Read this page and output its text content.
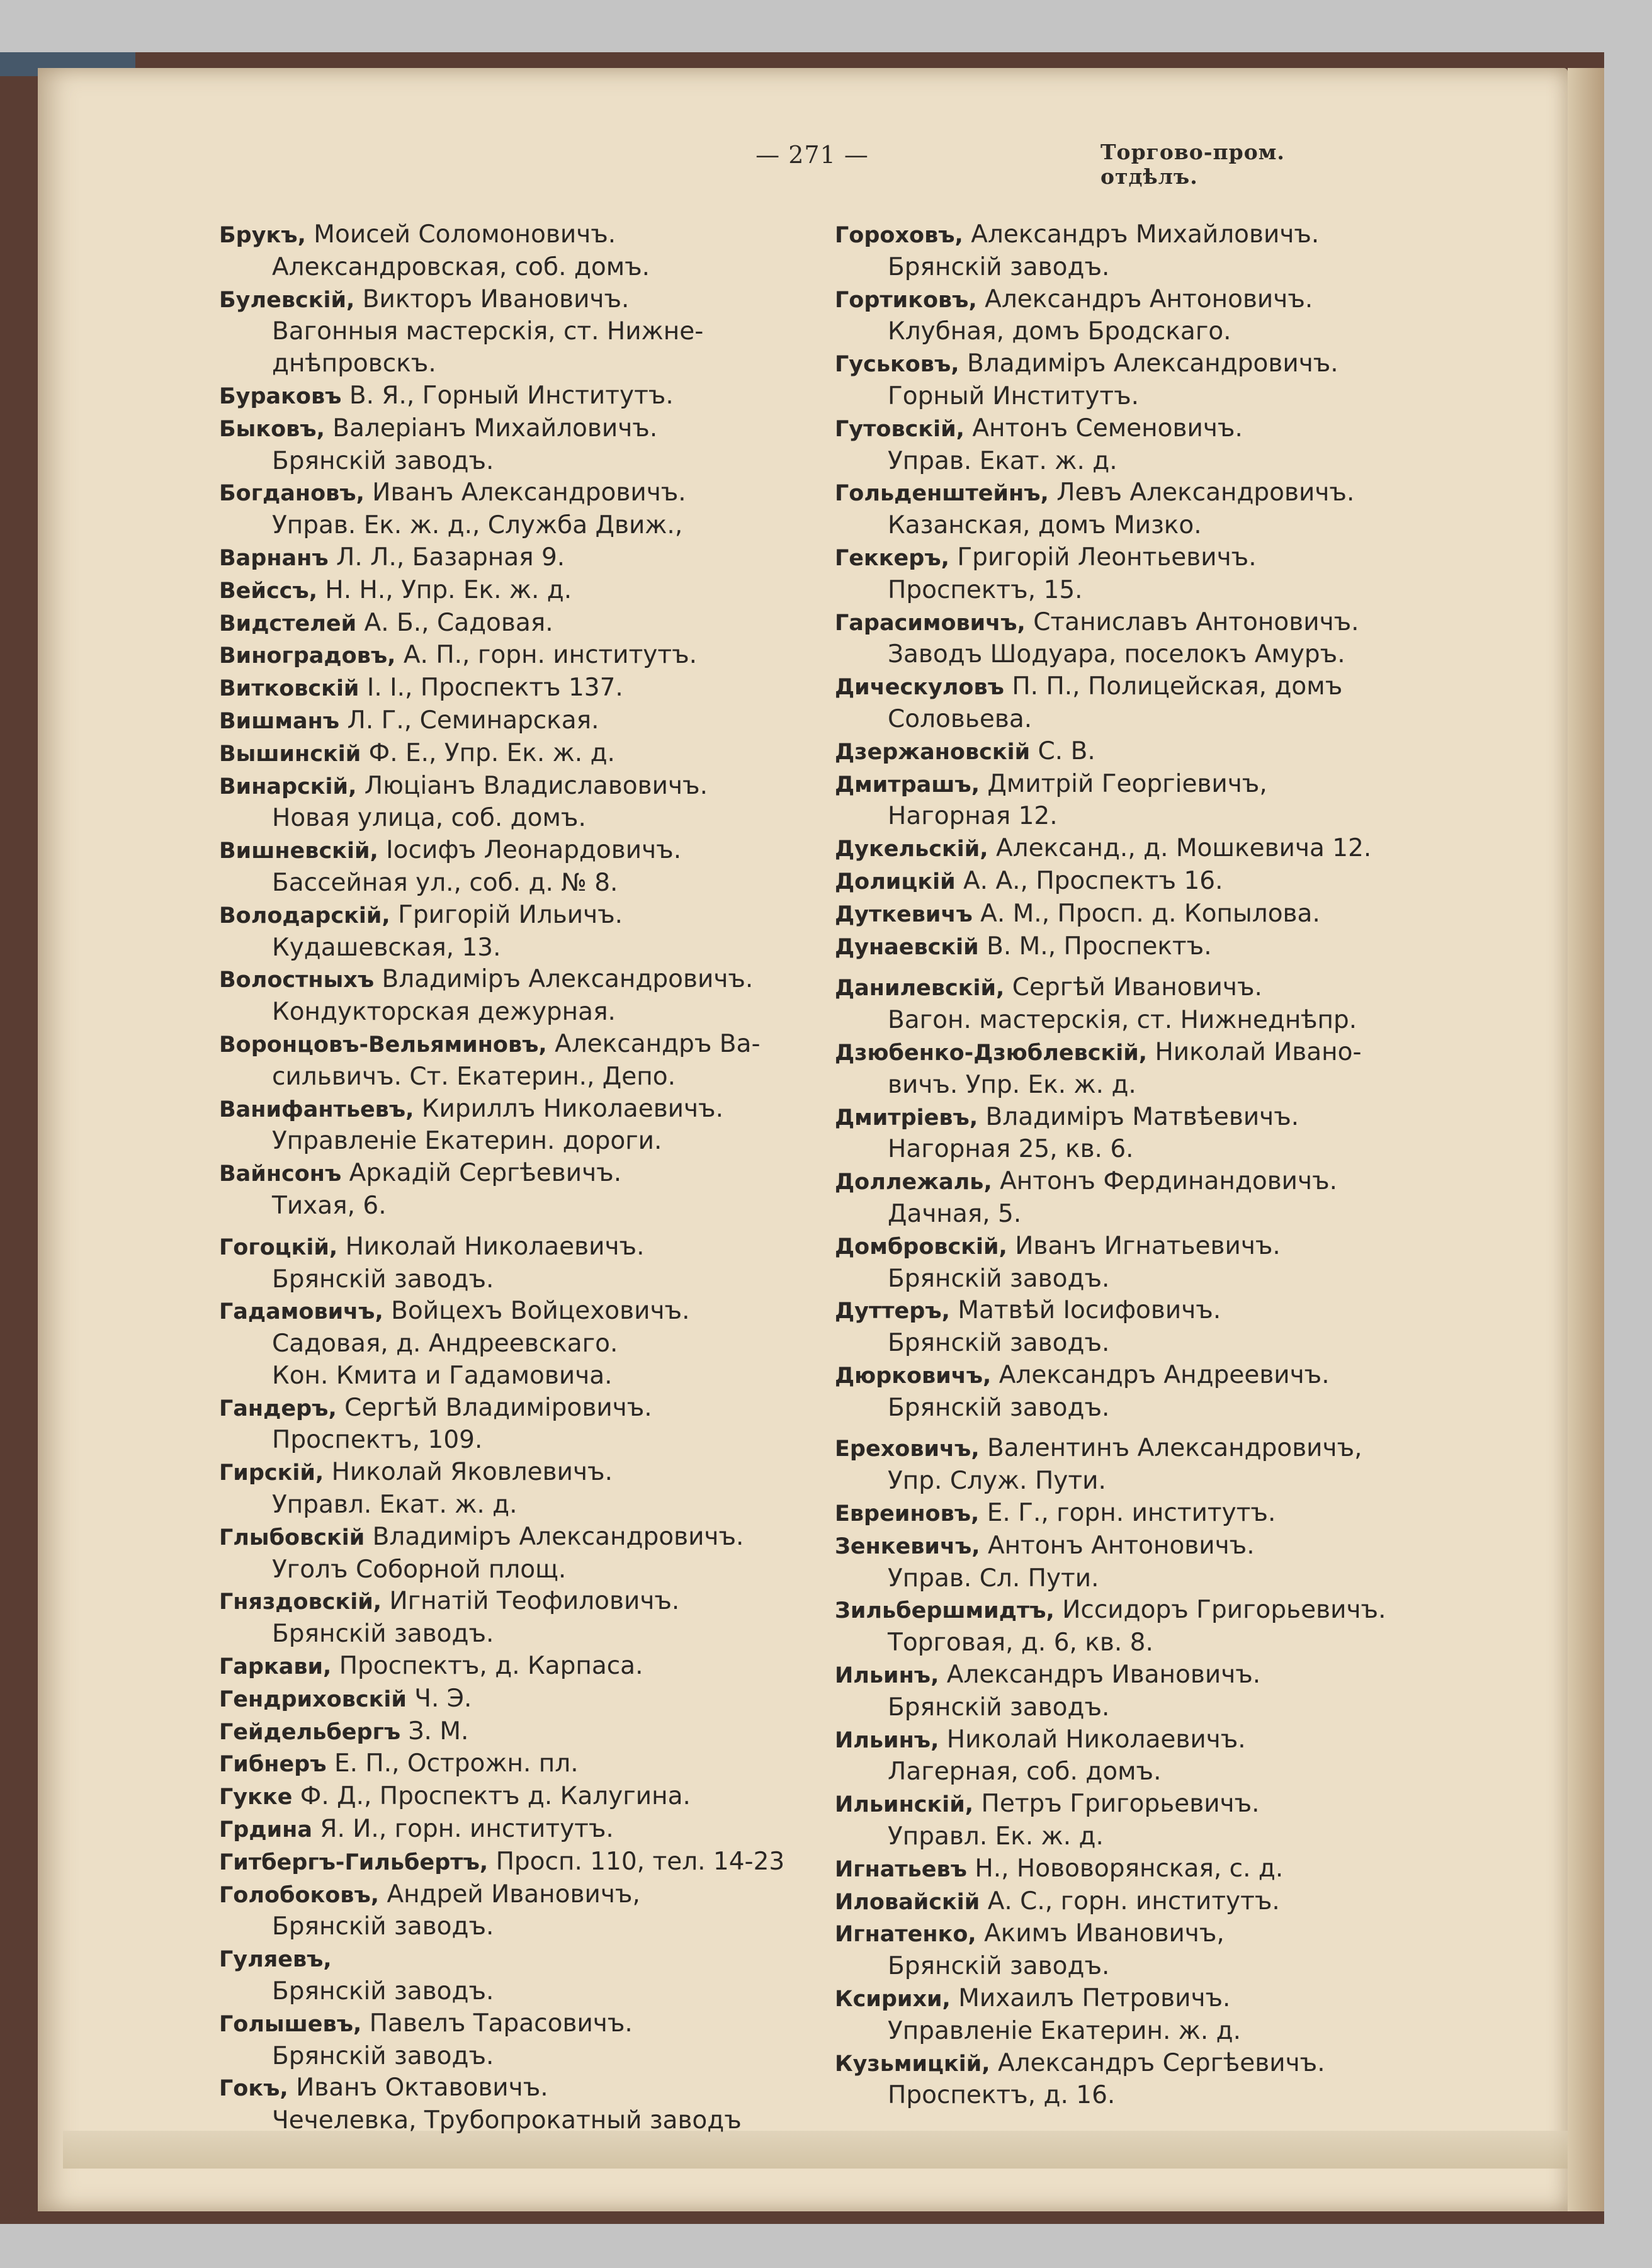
— 271 —	Торгово-пром. отдѣлъ.
Брукъ, Моисей Соломоновичъ.
Александровская, соб. домъ.
Булевскій, Викторъ Ивановичъ.
Вагонныя мастерскія, ст. Нижне-
днѣпровскъ.
Бураковъ В. Я., Горный Институтъ.
Быковъ, Валеріанъ Михайловичъ.
Брянскій заводъ.
Богдановъ, Иванъ Александровичъ.
Управ. Ек. ж. д., Служба Движ.,
Варнанъ Л. Л., Базарная 9.
Вейссъ, Н. Н., Упр. Ек. ж. д.
Видстелей А. Б., Садовая.
Виноградовъ, А. П., горн. институтъ.
Витковскій І. І., Проспектъ 137.
Вишманъ Л. Г., Семинарская.
Вышинскій Ф. Е., Упр. Ек. ж. д.
Винарскій, Люціанъ Владиславовичъ.
Новая улица, соб. домъ.
Вишневскій, Іосифъ Леонардовичъ.
Бассейная ул., соб. д. № 8.
Володарскій, Григорій Ильичъ.
Кудашевская, 13.
Волостныхъ Владиміръ Александровичъ.
Кондукторская дежурная.
Воронцовъ-Вельяминовъ, Александръ Ва-
сильвичъ. Ст. Екатерин., Депо.
Ванифантьевъ, Кириллъ Николаевичъ.
Управленіе Екатерин. дороги.
Вайнсонъ Аркадій Сергѣевичъ.
Тихая, 6.
Гогоцкій, Николай Николаевичъ.
Брянскій заводъ.
Гадамовичъ, Войцехъ Войцеховичъ.
Садовая, д. Андреевскаго.
Кон. Кмита и Гадамовича.
Гандеръ, Сергѣй Владиміровичъ.
Проспектъ, 109.
Гирскій, Николай Яковлевичъ.
Управл. Екат. ж. д.
Глыбовскій Владиміръ Александровичъ.
Уголъ Соборной площ.
Гняздовскій, Игнатій Теофиловичъ.
Брянскій заводъ.
Гаркави, Проспектъ, д. Карпаса.
Гендриховскій Ч. Э.
Гейдельбергъ З. М.
Гибнеръ Е. П., Острожн. пл.
Гукке Ф. Д., Проспектъ д. Калугина.
Грдина Я. И., горн. институтъ.
Гитбергъ-Гильбертъ, Просп. 110, тел. 14-23
Голобоковъ, Андрей Ивановичъ,
Брянскій заводъ.
Гуляевъ,
Брянскій заводъ.
Голышевъ, Павелъ Тарасовичъ.
Брянскій заводъ.
Гокъ, Иванъ Октавовичъ.
Чечелевка, Трубопрокатный заводъ
Гороховъ, Александръ Михайловичъ.
Брянскій заводъ.
Гортиковъ, Александръ Антоновичъ.
Клубная, домъ Бродскаго.
Гуськовъ, Владиміръ Александровичъ.
Горный Институтъ.
Гутовскій, Антонъ Семеновичъ.
Управ. Екат. ж. д.
Гольденштейнъ, Левъ Александровичъ.
Казанская, домъ Мизко.
Геккеръ, Григорій Леонтьевичъ.
Проспектъ, 15.
Гарасимовичъ, Станиславъ Антоновичъ.
Заводъ Шодуара, поселокъ Амуръ.
Дическуловъ П. П., Полицейская, домъ
Соловьева.
Дзержановскій С. В.
Дмитрашъ, Дмитрій Георгіевичъ,
Нагорная 12.
Дукельскій, Александ., д. Мошкевича 12.
Долицкій А. А., Проспектъ 16.
Дуткевичъ А. М., Просп. д. Копылова.
Дунаевскій В. М., Проспектъ.
Данилевскій, Сергѣй Ивановичъ.
Вагон. мастерскія, ст. Нижнеднѣпр.
Дзюбенко-Дзюблевскій, Николай Ивано-
вичъ. Упр. Ек. ж. д.
Дмитріевъ, Владиміръ Матвѣевичъ.
Нагорная 25, кв. 6.
Доллежаль, Антонъ Фердинандовичъ.
Дачная, 5.
Домбровскій, Иванъ Игнатьевичъ.
Брянскій заводъ.
Дуттеръ, Матвѣй Іосифовичъ.
Брянскій заводъ.
Дюрковичъ, Александръ Андреевичъ.
Брянскій заводъ.
Ереховичъ, Валентинъ Александровичъ,
Упр. Служ. Пути.
Евреиновъ, Е. Г., горн. институтъ.
Зенкевичъ, Антонъ Антоновичъ.
Управ. Сл. Пути.
Зильбершмидтъ, Иссидоръ Григорьевичъ.
Торговая, д. 6, кв. 8.
Ильинъ, Александръ Ивановичъ.
Брянскій заводъ.
Ильинъ, Николай Николаевичъ.
Лагерная, соб. домъ.
Ильинскій, Петръ Григорьевичъ.
Управл. Ек. ж. д.
Игнатьевъ Н., Нововорянская, с. д.
Иловайскій А. С., горн. институтъ.
Игнатенко, Акимъ Ивановичъ,
Брянскій заводъ.
Ксирихи, Михаилъ Петровичъ.
Управленіе Екатерин. ж. д.
Кузьмицкій, Александръ Сергѣевичъ.
Проспектъ, д. 16.
